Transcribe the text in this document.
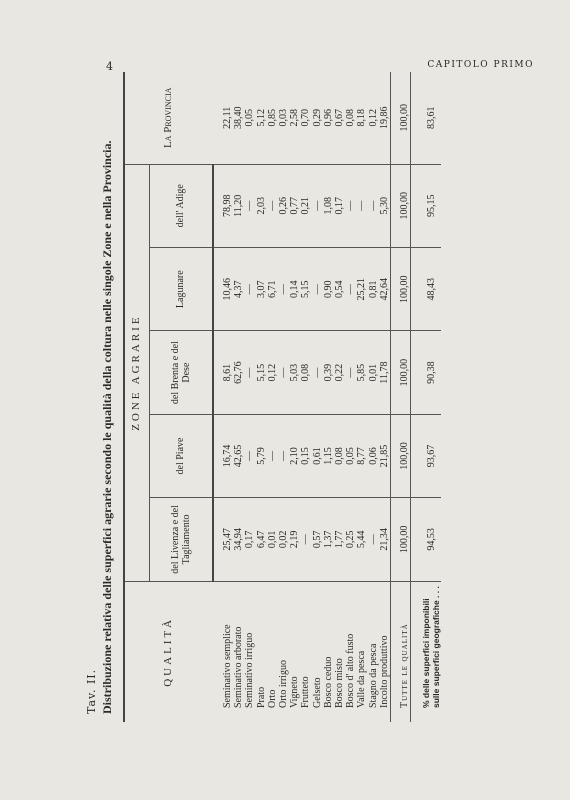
4	CAPITOLO PRIMO
Tav. II. Distribuzione relativa delle superfici agrarie secondo le qualità della coltura nelle singole Zone e nella Provincia.	QUALITÀ	ZONE AGRARIE					La Provincia
	del Livenza e del Tagliamento	del Piave	del Brenta e del Dese	Lagunare	dell' Adige	
Seminativo semplice	25,47	16,74	8,61	10,46	78,98	22,11
Seminativo arborato	34,94	42,65	62,76	4,37	11,20	38,40
Seminativo irriguo	0,17	—	—	—	—	0,05
Prato	6,47	5,79	5,15	3,07	2,03	5,12
Orto	0,01	—	0,12	6,71	—	0,85
Orto irriguo	0,02	—	—	—	0,26	0,03
Vigneto	2,19	2,10	5,03	0,14	0,77	2,58
Frutteto	—	0,15	0,08	5,15	0,21	0,70
Gelseto	0,57	0,61	—	—	—	0,29
Bosco ceduo	1,37	1,15	0,39	0,90	1,08	0,96
Bosco misto	1,77	0,08	0,22	0,54	0,17	0,67
Bosco d' alto fusto	0,25	0,05	—	—	—	0,08
Valle da pesca	5,44	8,77	5,85	25,21	—	8,18
Stagno da pesca	—	0,06	0,01	0,81	—	0,12
Incolto produttivo	21,34	21,85	11,78	42,64	5,30	19,86
Tutte le qualità	100,00	100,00	100,00	100,00	100,00	100,00
% delle superfici imponibili sulle superfici geografiche . . .	94,53	93,67	90,38	48,43	95,15	83,61
